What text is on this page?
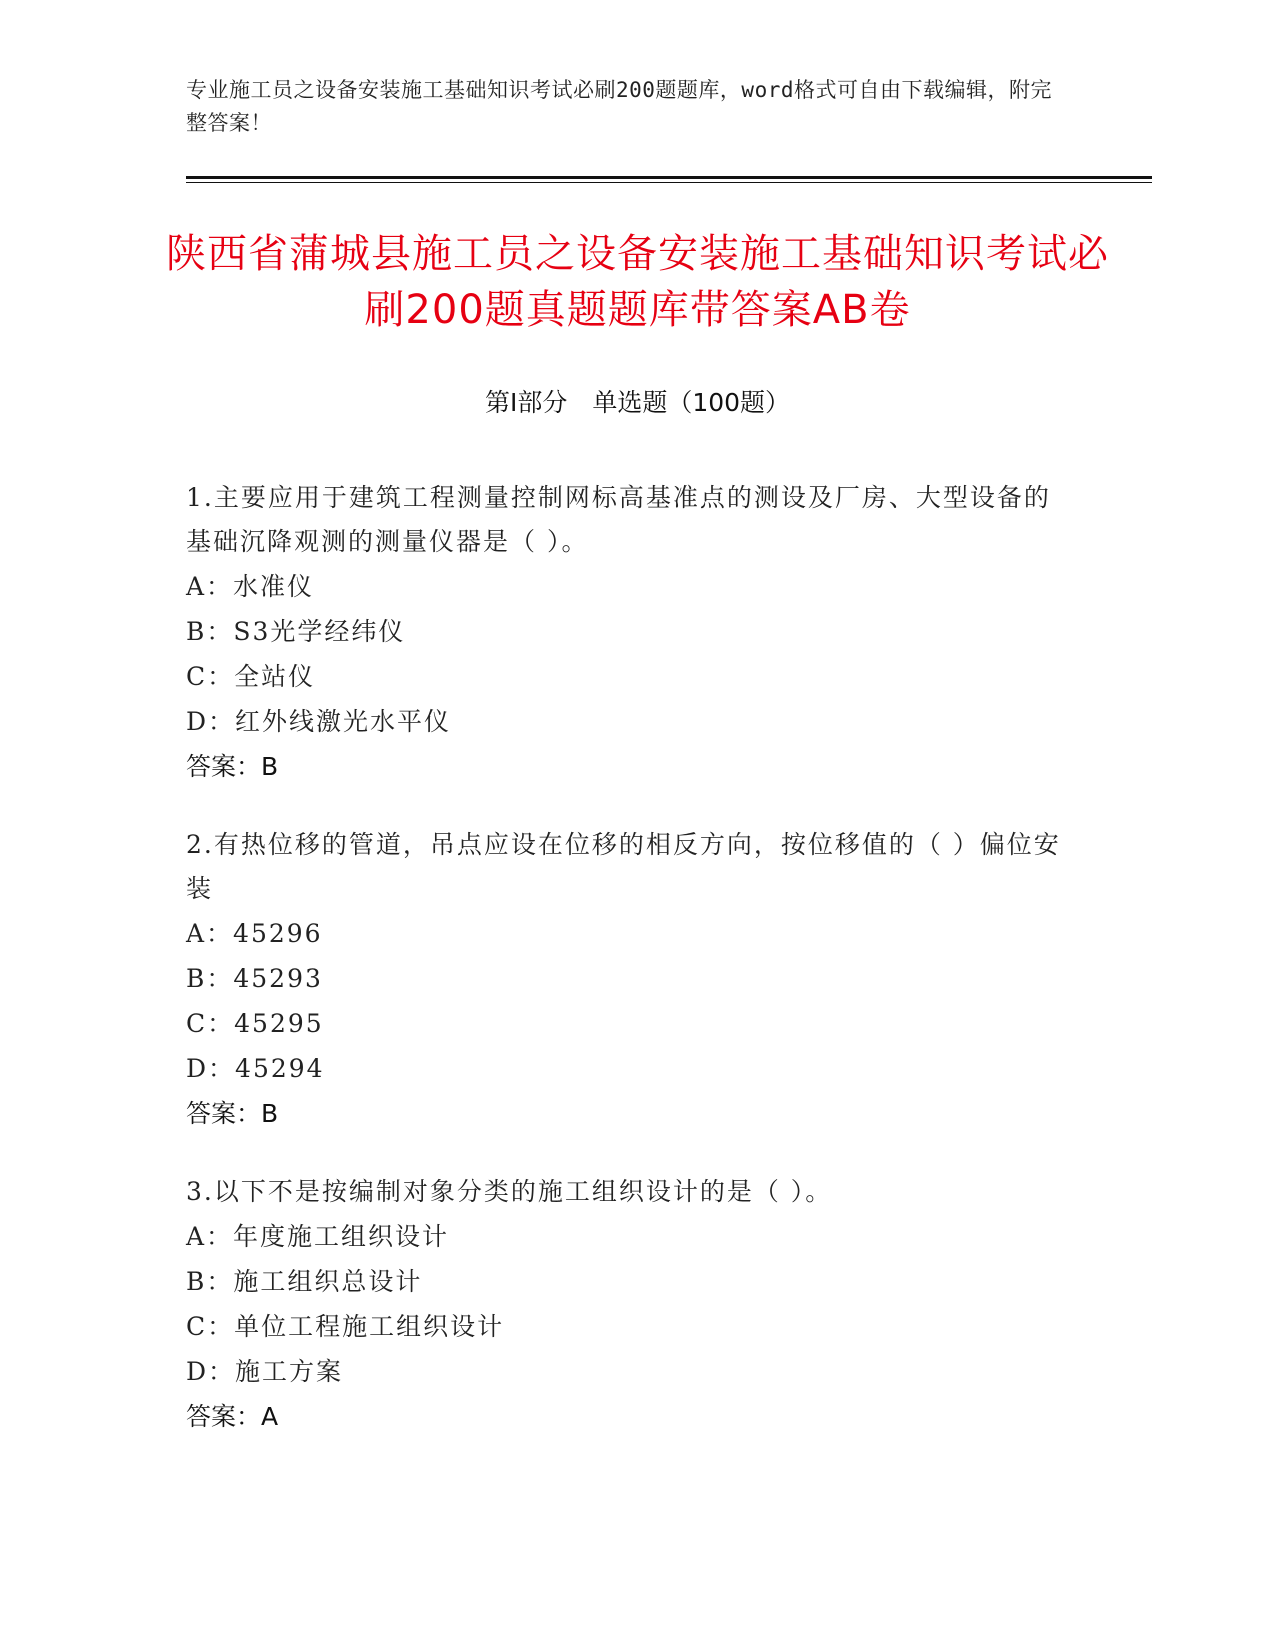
专业施工员之设备安装施工基础知识考试必刷200题题库，word格式可自由下载编辑，附完整答案！
陕西省蒲城县施工员之设备安装施工基础知识考试必刷200题真题题库带答案AB卷
第I部分　单选题（100题）
1.主要应用于建筑工程测量控制网标高基准点的测设及厂房、大型设备的基础沉降观测的测量仪器是（ ）。
A：水准仪
B：S3光学经纬仪
C：全站仪
D：红外线激光水平仪
答案：B
2.有热位移的管道，吊点应设在位移的相反方向，按位移值的（ ）偏位安装
A：45296
B：45293
C：45295
D：45294
答案：B
3.以下不是按编制对象分类的施工组织设计的是（ ）。
A：年度施工组织设计
B：施工组织总设计
C：单位工程施工组织设计
D：施工方案
答案：A
